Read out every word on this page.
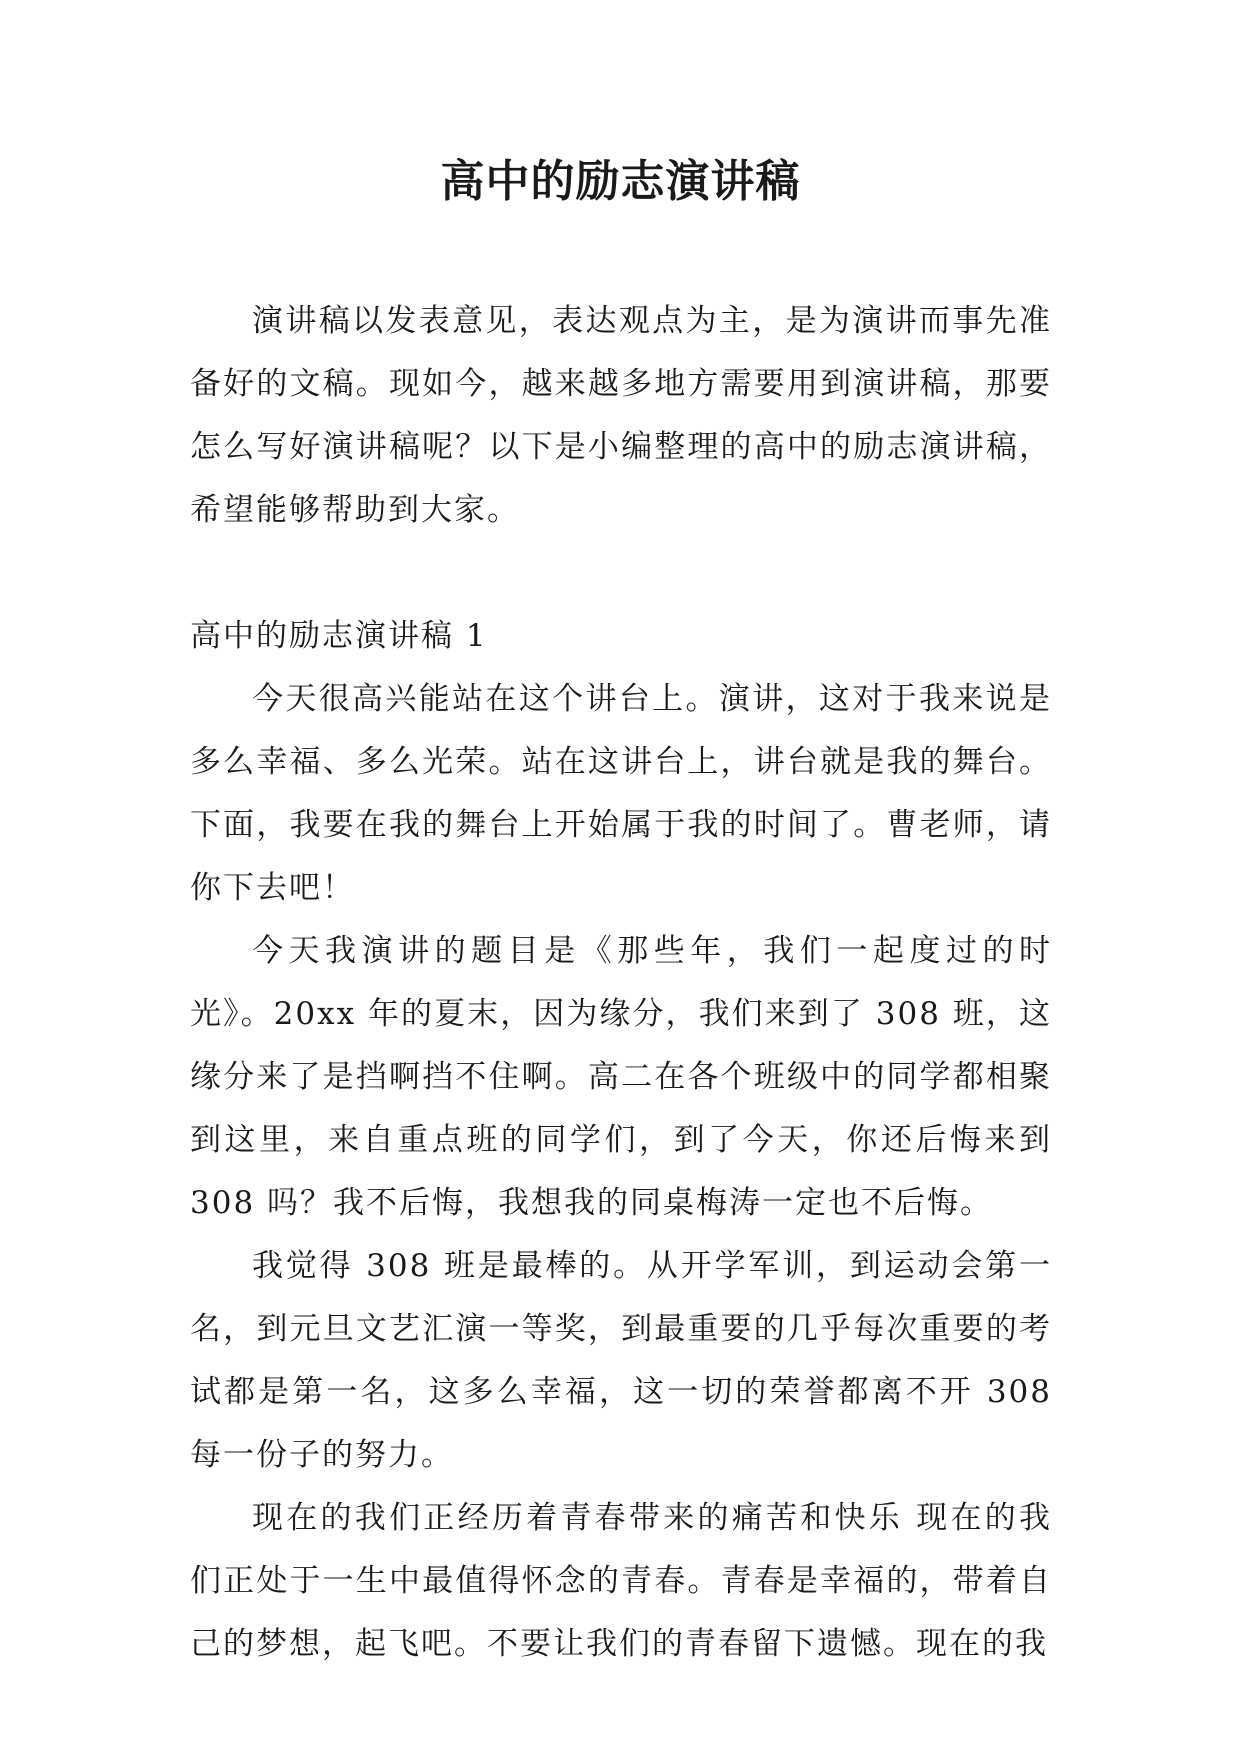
高中的励志演讲稿

演讲稿以发表意见，表达观点为主，是为演讲而事先准备好的文稿。现如今，越来越多地方需要用到演讲稿，那要怎么写好演讲稿呢？以下是小编整理的高中的励志演讲稿，希望能够帮助到大家。

高中的励志演讲稿 1

今天很高兴能站在这个讲台上。演讲，这对于我来说是多么幸福、多么光荣。站在这讲台上，讲台就是我的舞台。下面，我要在我的舞台上开始属于我的时间了。曹老师，请你下去吧！

今天我演讲的题目是《那些年，我们一起度过的时光》。20xx 年的夏末，因为缘分，我们来到了 308 班，这缘分来了是挡啊挡不住啊。高二在各个班级中的同学都相聚到这里，来自重点班的同学们，到了今天，你还后悔来到 308 吗？我不后悔，我想我的同桌梅涛一定也不后悔。

我觉得 308 班是最棒的。从开学军训，到运动会第一名，到元旦文艺汇演一等奖，到最重要的几乎每次重要的考试都是第一名，这多么幸福，这一切的荣誉都离不开 308 每一份子的努力。

现在的我们正经历着青春带来的痛苦和快乐 现在的我们正处于一生中最值得怀念的青春。青春是幸福的，带着自己的梦想，起飞吧。不要让我们的青春留下遗憾。现在的我
